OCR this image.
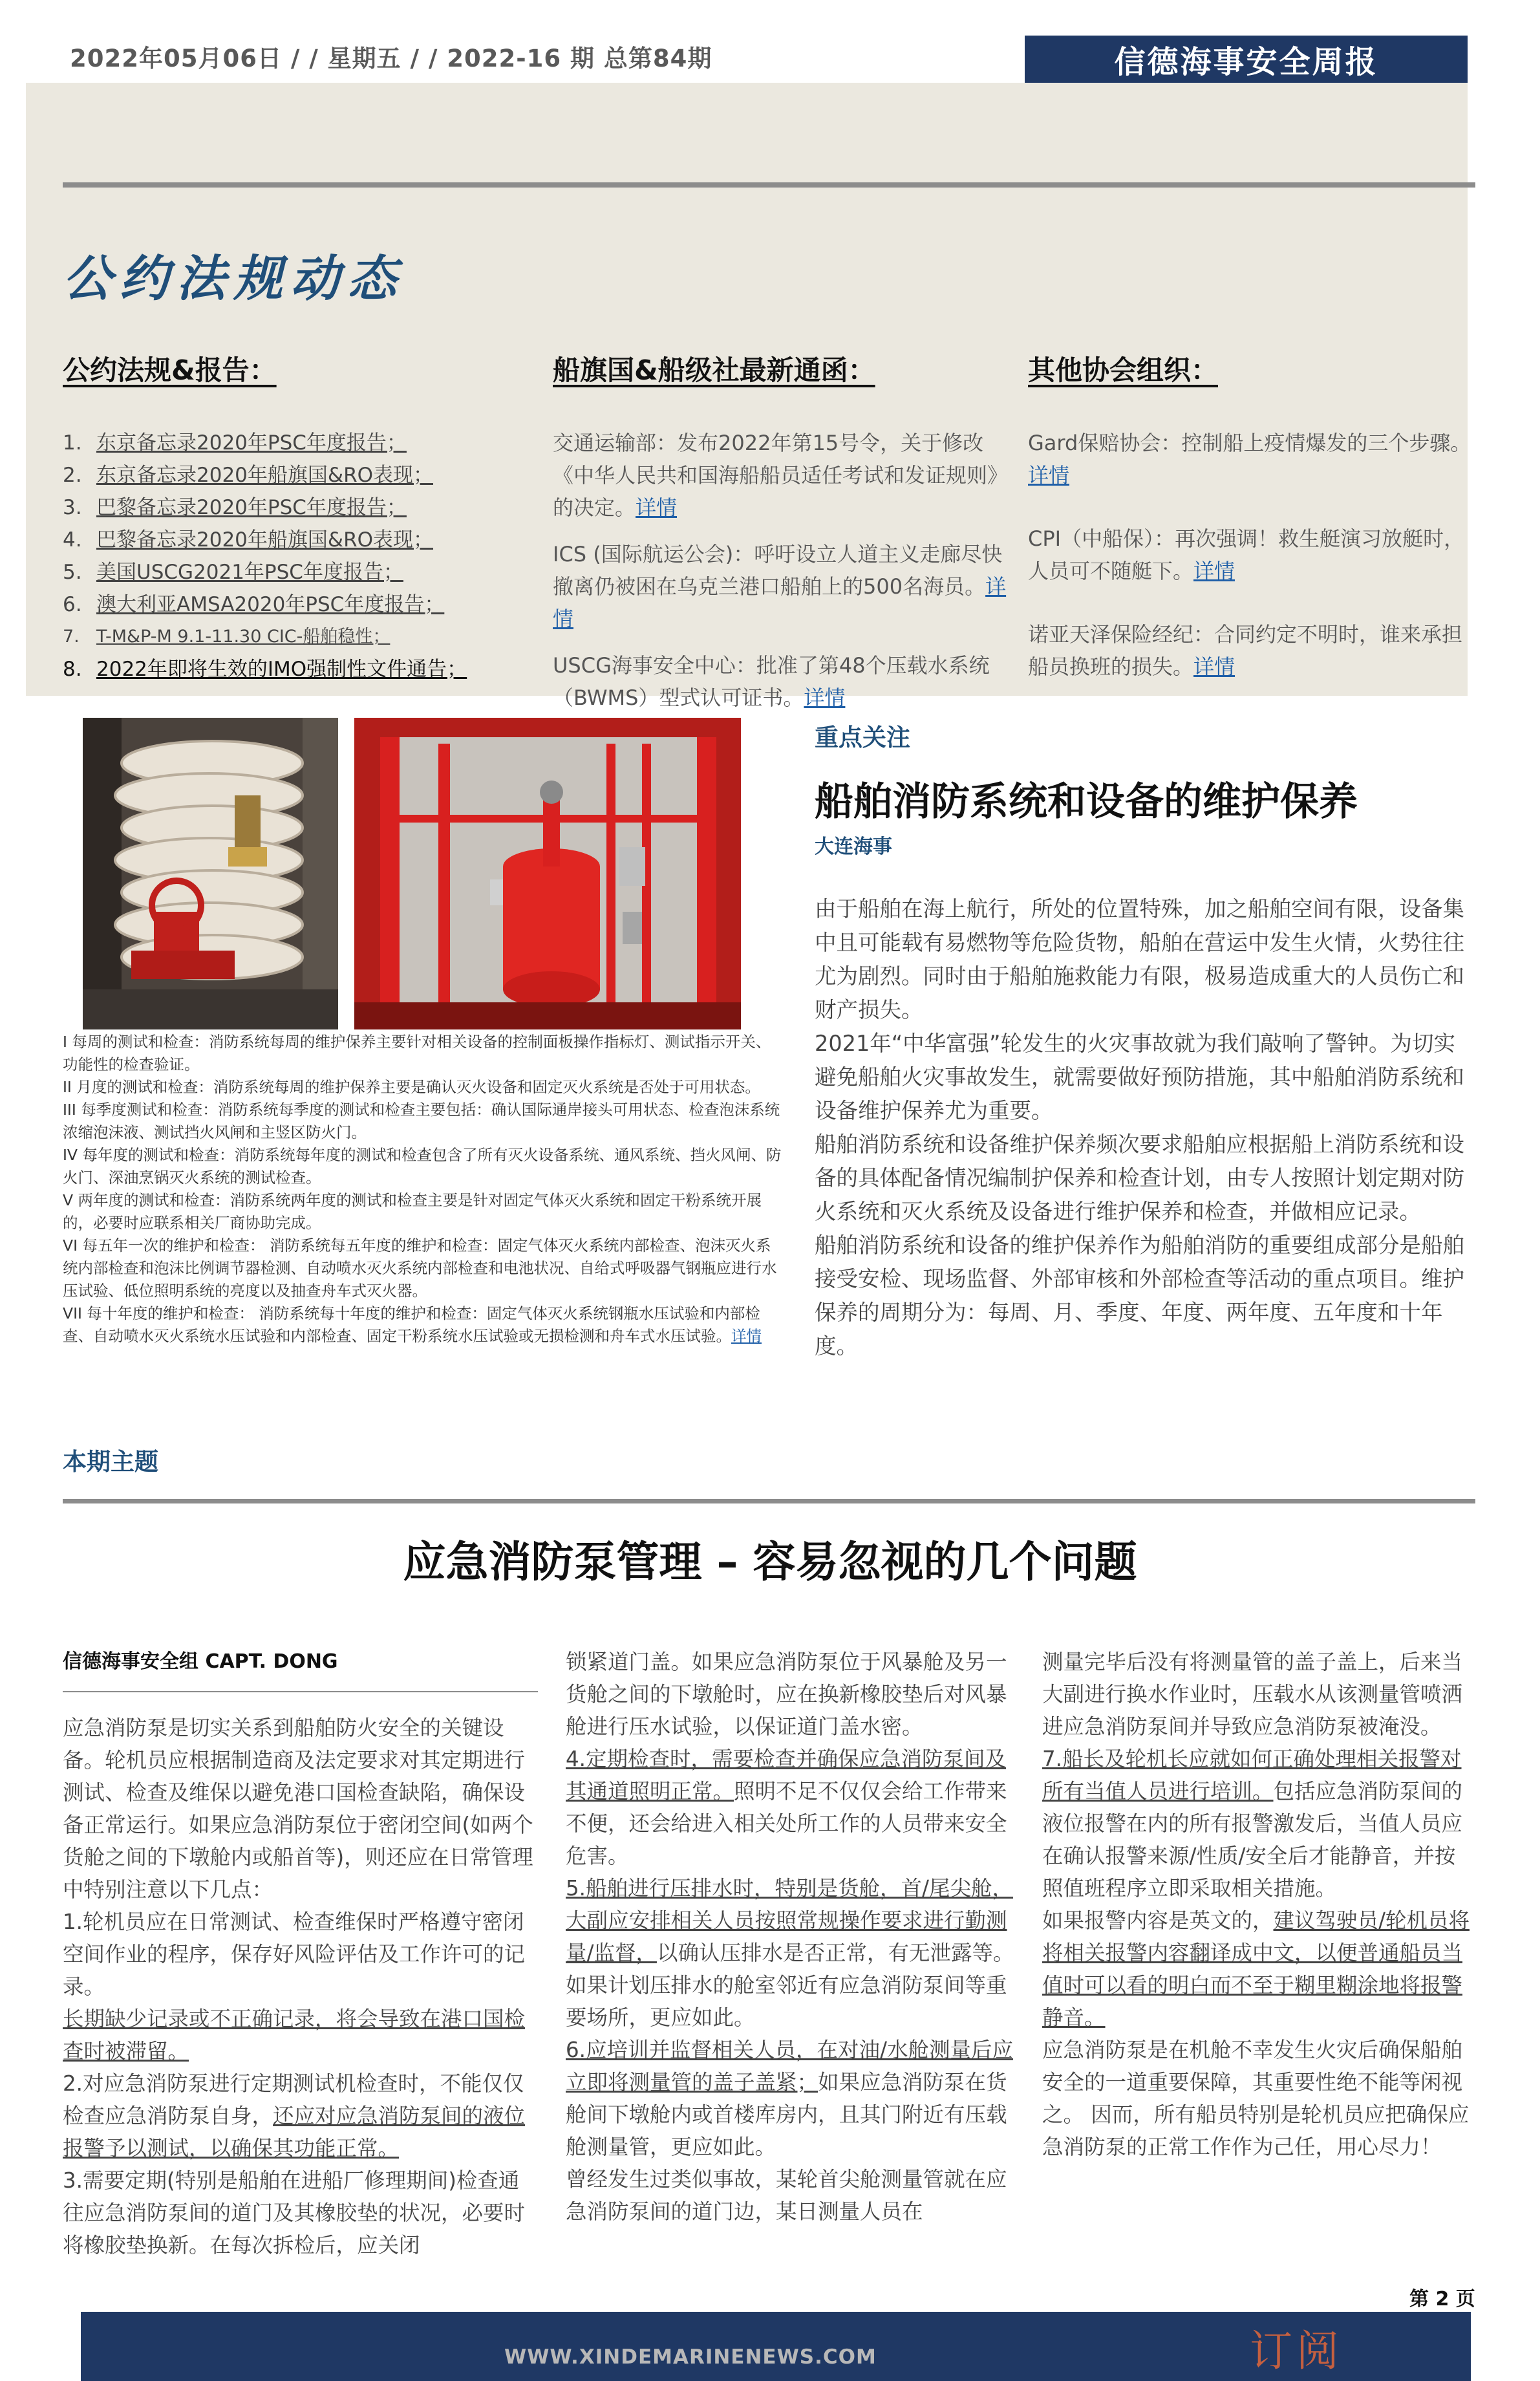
2022年05月06日 / / 星期五 / / 2022-16 期 总第84期	信德海事安全周报
公约法规动态
公约法规&报告：
1. 东京备忘录2020年PSC年度报告；
2. 东京备忘录2020年船旗国&RO表现；
3. 巴黎备忘录2020年PSC年度报告；
4. 巴黎备忘录2020年船旗国&RO表现；
5. 美国USCG2021年PSC年度报告；
6. 澳大利亚AMSA2020年PSC年度报告；
7. T-M&P-M 9.1-11.30 CIC-船舶稳性；
8. 2022年即将生效的IMO强制性文件通告；
船旗国&船级社最新通函：
交通运输部：发布2022年第15号令，关于修改《中华人民共和国海船船员适任考试和发证规则》的决定。详情
ICS (国际航运公会)：呼吁设立人道主义走廊尽快撤离仍被困在乌克兰港口船舶上的500名海员。详情
USCG海事安全中心：批准了第48个压载水系统（BWMS）型式认可证书。详情
其他协会组织：
Gard保赔协会：控制船上疫情爆发的三个步骤。详情
CPI（中船保）：再次强调！救生艇演习放艇时，人员可不随艇下。详情
诺亚天泽保险经纪：合同约定不明时，谁来承担船员换班的损失。详情

I 每周的测试和检查：消防系统每周的维护保养主要针对相关设备的控制面板操作指标灯、测试指示开关、功能性的检查验证。

II 月度的测试和检查：消防系统每周的维护保养主要是确认灭火设备和固定灭火系统是否处于可用状态。

III 每季度测试和检查：消防系统每季度的测试和检查主要包括：确认国际通岸接头可用状态、检查泡沫系统浓缩泡沫液、测试挡火风闸和主竖区防火门。

IV 每年度的测试和检查：消防系统每年度的测试和检查包含了所有灭火设备系统、通风系统、挡火风闸、防火门、深油烹锅灭火系统的测试检查。

V 两年度的测试和检查：消防系统两年度的测试和检查主要是针对固定气体灭火系统和固定干粉系统开展的，必要时应联系相关厂商协助完成。

VI 每五年一次的维护和检查： 消防系统每五年度的维护和检查：固定气体灭火系统内部检查、泡沫灭火系统内部检查和泡沫比例调节器检测、自动喷水灭火系统内部检查和电池状况、自给式呼吸器气钢瓶应进行水压试验、低位照明系统的亮度以及抽查舟车式灭火器。

VII 每十年度的维护和检查： 消防系统每十年度的维护和检查：固定气体灭火系统钢瓶水压试验和内部检查、自动喷水灭火系统水压试验和内部检查、固定干粉系统水压试验或无损检测和舟车式水压试验。详情

重点关注
船舶消防系统和设备的维护保养
大连海事

由于船舶在海上航行，所处的位置特殊，加之船舶空间有限，设备集中且可能载有易燃物等危险货物，船舶在营运中发生火情，火势往往尤为剧烈。同时由于船舶施救能力有限，极易造成重大的人员伤亡和财产损失。

2021年“中华富强”轮发生的火灾事故就为我们敲响了警钟。为切实避免船舶火灾事故发生，就需要做好预防措施，其中船舶消防系统和设备维护保养尤为重要。

船舶消防系统和设备维护保养频次要求船舶应根据船上消防系统和设备的具体配备情况编制护保养和检查计划，由专人按照计划定期对防火系统和灭火系统及设备进行维护保养和检查，并做相应记录。

船舶消防系统和设备的维护保养作为船舶消防的重要组成部分是船舶接受安检、现场监督、外部审核和外部检查等活动的重点项目。维护保养的周期分为：每周、月、季度、年度、两年度、五年度和十年度。

本期主题
应急消防泵管理 – 容易忽视的几个问题
信德海事安全组 CAPT. DONG

应急消防泵是切实关系到船舶防火安全的关键设备。轮机员应根据制造商及法定要求对其定期进行测试、检查及维保以避免港口国检查缺陷，确保设备正常运行。如果应急消防泵位于密闭空间(如两个货舱之间的下墩舱内或船首等)，则还应在日常管理中特别注意以下几点：

1.轮机员应在日常测试、检查维保时严格遵守密闭空间作业的程序，保存好风险评估及工作许可的记录。

长期缺少记录或不正确记录，将会导致在港口国检查时被滞留。

2.对应急消防泵进行定期测试机检查时，不能仅仅检查应急消防泵自身，还应对应急消防泵间的液位报警予以测试，以确保其功能正常。

3.需要定期(特别是船舶在进船厂修理期间)检查通往应急消防泵间的道门及其橡胶垫的状况，必要时将橡胶垫换新。在每次拆检后，应关闭

锁紧道门盖。如果应急消防泵位于风暴舱及另一货舱之间的下墩舱时，应在换新橡胶垫后对风暴舱进行压水试验，以保证道门盖水密。

4.定期检查时，需要检查并确保应急消防泵间及其通道照明正常。照明不足不仅仅会给工作带来不便，还会给进入相关处所工作的人员带来安全危害。

5.船舶进行压排水时，特别是货舱，首/尾尖舱，大副应安排相关人员按照常规操作要求进行勤测量/监督，以确认压排水是否正常，有无泄露等。如果计划压排水的舱室邻近有应急消防泵间等重要场所，更应如此。

6.应培训并监督相关人员，在对油/水舱测量后应立即将测量管的盖子盖紧；如果应急消防泵在货舱间下墩舱内或首楼库房内，且其门附近有压载舱测量管，更应如此。

曾经发生过类似事故，某轮首尖舱测量管就在应急消防泵间的道门边，某日测量人员在

测量完毕后没有将测量管的盖子盖上，后来当大副进行换水作业时，压载水从该测量管喷洒进应急消防泵间并导致应急消防泵被淹没。

7.船长及轮机长应就如何正确处理相关报警对所有当值人员进行培训。包括应急消防泵间的液位报警在内的所有报警激发后，当值人员应在确认报警来源/性质/安全后才能静音，并按照值班程序立即采取相关措施。

如果报警内容是英文的，建议驾驶员/轮机员将将相关报警内容翻译成中文，以便普通船员当值时可以看的明白而不至于糊里糊涂地将报警静音。

应急消防泵是在机舱不幸发生火灾后确保船舶安全的一道重要保障，其重要性绝不能等闲视之。 因而，所有船员特别是轮机员应把确保应急消防泵的正常工作作为己任，用心尽力！

第 2 页
WWW.XINDEMARINENEWS.COM	订阅
